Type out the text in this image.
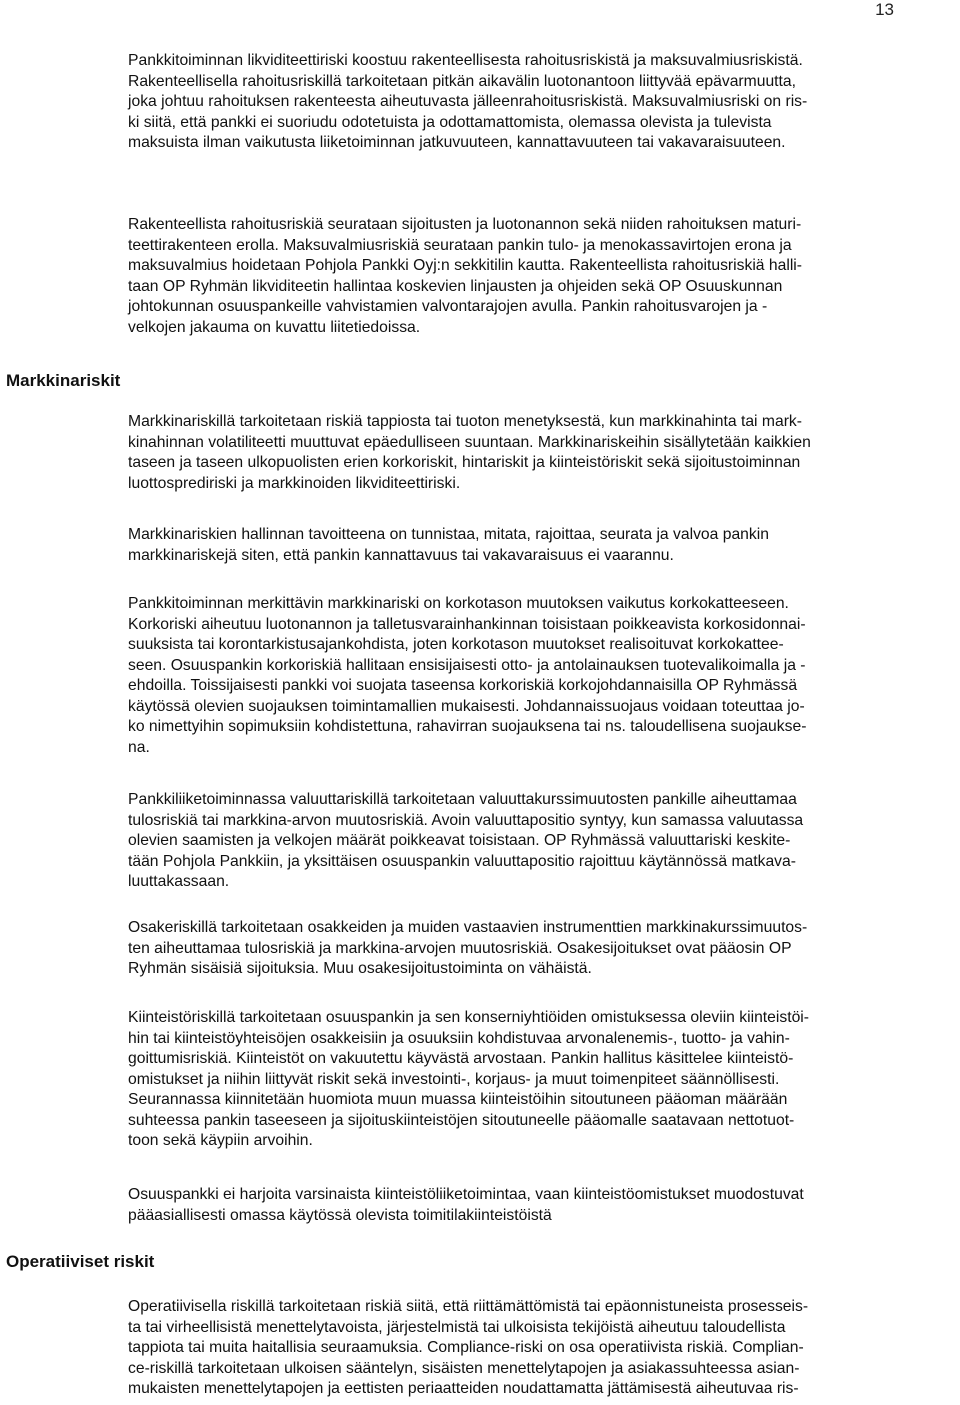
13
Markkinariskit
Operatiiviset riskit
Pankkitoiminnan likviditeettiriski koostuu rakenteellisesta rahoitusriskistä ja maksuvalmiusriskistä.
Rakenteellisella rahoitusriskillä tarkoitetaan pitkän aikavälin luotonantoon liittyvää epävarmuutta,
joka johtuu rahoituksen rakenteesta aiheutuvasta jälleenrahoitusriskistä. Maksuvalmiusriski on ris-
ki siitä, että pankki ei suoriudu odotetuista ja odottamattomista, olemassa olevista ja tulevista
maksuista ilman vaikutusta liiketoiminnan jatkuvuuteen, kannattavuuteen tai vakavaraisuuteen.
Rakenteellista rahoitusriskiä seurataan sijoitusten ja luotonannon sekä niiden rahoituksen maturi-
teettirakenteen erolla. Maksuvalmiusriskiä seurataan pankin tulo- ja menokassavirtojen erona ja
maksuvalmius hoidetaan Pohjola Pankki Oyj:n sekkitilin kautta. Rakenteellista rahoitusriskiä halli-
taan OP Ryhmän likviditeetin hallintaa koskevien linjausten ja ohjeiden sekä OP Osuuskunnan
johtokunnan osuuspankeille vahvistamien valvontarajojen avulla. Pankin rahoitusvarojen ja -
velkojen jakauma on kuvattu liitetiedoissa.
Markkinariskillä tarkoitetaan riskiä tappiosta tai tuoton menetyksestä, kun markkinahinta tai mark-
kinahinnan volatiliteetti muuttuvat epäedulliseen suuntaan. Markkinariskeihin sisällytetään kaikkien
taseen ja taseen ulkopuolisten erien korkoriskit, hintariskit ja kiinteistöriskit sekä sijoitustoiminnan
luottosprediriski ja markkinoiden likviditeettiriski.
Markkinariskien hallinnan tavoitteena on tunnistaa, mitata, rajoittaa, seurata ja valvoa pankin
markkinariskejä siten, että pankin kannattavuus tai vakavaraisuus ei vaarannu.
Pankkitoiminnan merkittävin markkinariski on korkotason muutoksen vaikutus korkokatteeseen.
Korkoriski aiheutuu luotonannon ja talletusvarainhankinnan toisistaan poikkeavista korkosidonnai-
suuksista tai korontarkistusajankohdista, joten korkotason muutokset realisoituvat korkokattee-
seen. Osuuspankin korkoriskiä hallitaan ensisijaisesti otto- ja antolainauksen tuotevalikoimalla ja -
ehdoilla. Toissijaisesti pankki voi suojata taseensa korkoriskiä korkojohdannaisilla OP Ryhmässä
käytössä olevien suojauksen toimintamallien mukaisesti. Johdannaissuojaus voidaan toteuttaa jo-
ko nimettyihin sopimuksiin kohdistettuna, rahavirran suojauksena tai ns. taloudellisena suojaukse-
na.
Pankkiliiketoiminnassa valuuttariskillä tarkoitetaan valuuttakurssimuutosten pankille aiheuttamaa
tulosriskiä tai markkina-arvon muutosriskiä. Avoin valuuttapositio syntyy, kun samassa valuutassa
olevien saamisten ja velkojen määrät poikkeavat toisistaan. OP Ryhmässä valuuttariski keskite-
tään Pohjola Pankkiin, ja yksittäisen osuuspankin valuuttapositio rajoittuu käytännössä matkava-
luuttakassaan.
Osakeriskillä tarkoitetaan osakkeiden ja muiden vastaavien instrumenttien markkinakurssimuutos-
ten aiheuttamaa tulosriskiä ja markkina-arvojen muutosriskiä. Osakesijoitukset ovat pääosin OP
Ryhmän sisäisiä sijoituksia. Muu osakesijoitustoiminta on vähäistä.
Kiinteistöriskillä tarkoitetaan osuuspankin ja sen konserniyhtiöiden omistuksessa oleviin kiinteistöi-
hin tai kiinteistöyhteisöjen osakkeisiin ja osuuksiin kohdistuvaa arvonalenemis-, tuotto- ja vahin-
goittumisriskiä. Kiinteistöt on vakuutettu käyvästä arvostaan. Pankin hallitus käsittelee kiinteistö-
omistukset ja niihin liittyvät riskit sekä investointi-, korjaus- ja muut toimenpiteet säännöllisesti.
Seurannassa kiinnitetään huomiota muun muassa kiinteistöihin sitoutuneen pääoman määrään
suhteessa pankin taseeseen ja sijoituskiinteistöjen sitoutuneelle pääomalle saatavaan nettotuot-
toon sekä käypiin arvoihin.
Osuuspankki ei harjoita varsinaista kiinteistöliiketoimintaa, vaan kiinteistöomistukset muodostuvat
pääasiallisesti omassa käytössä olevista toimitilakiinteistöistä
Operatiivisella riskillä tarkoitetaan riskiä siitä, että riittämättömistä tai epäonnistuneista prosesseis-
ta tai virheellisistä menettelytavoista, järjestelmistä tai ulkoisista tekijöistä aiheutuu taloudellista
tappiota tai muita haitallisia seuraamuksia. Compliance-riski on osa operatiivista riskiä. Complian-
ce-riskillä tarkoitetaan ulkoisen sääntelyn, sisäisten menettelytapojen ja asiakassuhteessa asian-
mukaisten menettelytapojen ja eettisten periaatteiden noudattamatta jättämisestä aiheutuvaa ris-
